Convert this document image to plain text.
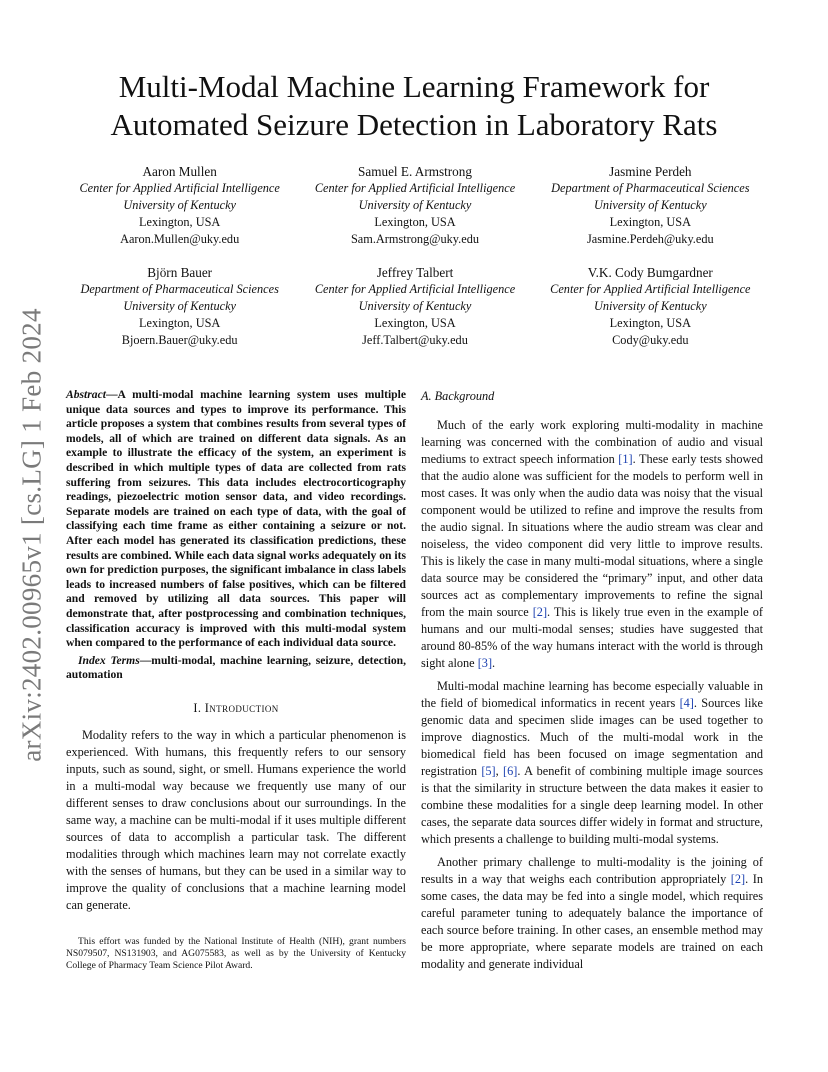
arXiv:2402.00965v1 [cs.LG] 1 Feb 2024
Multi-Modal Machine Learning Framework for
Automated Seizure Detection in Laboratory Rats
Aaron Mullen
Center for Applied Artificial Intelligence
University of Kentucky
Lexington, USA
Aaron.Mullen@uky.edu
Samuel E. Armstrong
Center for Applied Artificial Intelligence
University of Kentucky
Lexington, USA
Sam.Armstrong@uky.edu
Jasmine Perdeh
Department of Pharmaceutical Sciences
University of Kentucky
Lexington, USA
Jasmine.Perdeh@uky.edu
Björn Bauer
Department of Pharmaceutical Sciences
University of Kentucky
Lexington, USA
Bjoern.Bauer@uky.edu
Jeffrey Talbert
Center for Applied Artificial Intelligence
University of Kentucky
Lexington, USA
Jeff.Talbert@uky.edu
V.K. Cody Bumgardner
Center for Applied Artificial Intelligence
University of Kentucky
Lexington, USA
Cody@uky.edu

Abstract—A multi-modal machine learning system uses multiple unique data sources and types to improve its performance. This article proposes a system that combines results from several types of models, all of which are trained on different data signals. As an example to illustrate the efficacy of the system, an experiment is described in which multiple types of data are collected from rats suffering from seizures. This data includes electrocorticography readings, piezoelectric motion sensor data, and video recordings. Separate models are trained on each type of data, with the goal of classifying each time frame as either containing a seizure or not. After each model has generated its classification predictions, these results are combined. While each data signal works adequately on its own for prediction purposes, the significant imbalance in class labels leads to increased numbers of false positives, which can be filtered and removed by utilizing all data sources. This paper will demonstrate that, after postprocessing and combination techniques, classification accuracy is improved with this multi-modal system when compared to the performance of each individual data source.

Index Terms—multi-modal, machine learning, seizure, detection, automation

I. Introduction

Modality refers to the way in which a particular phenomenon is experienced. With humans, this frequently refers to our sensory inputs, such as sound, sight, or smell. Humans experience the world in a multi-modal way because we frequently use many of our different senses to draw conclusions about our surroundings. In the same way, a machine can be multi-modal if it uses multiple different sources of data to accomplish a particular task. The different modalities through which machines learn may not correlate exactly with the senses of humans, but they can be used in a similar way to improve the quality of conclusions that a machine learning model can generate.

This effort was funded by the National Institute of Health (NIH), grant numbers NS079507, NS131903, and AG075583, as well as by the University of Kentucky College of Pharmacy Team Science Pilot Award.
A. Background

Much of the early work exploring multi-modality in machine learning was concerned with the combination of audio and visual mediums to extract speech information [1]. These early tests showed that the audio alone was sufficient for the models to perform well in most cases. It was only when the audio data was noisy that the visual component would be utilized to refine and improve the results from the audio signal. In situations where the audio stream was clear and noiseless, the video component did very little to improve results. This is likely the case in many multi-modal situations, where a single data source may be considered the “primary” input, and other data sources act as complementary improvements to refine the signal from the main source [2]. This is likely true even in the example of humans and our multi-modal senses; studies have suggested that around 80-85% of the way humans interact with the world is through sight alone [3].

Multi-modal machine learning has become especially valuable in the field of biomedical informatics in recent years [4]. Sources like genomic data and specimen slide images can be used together to improve diagnostics. Much of the multi-modal work in the biomedical field has been focused on image segmentation and registration [5], [6]. A benefit of combining multiple image sources is that the similarity in structure between the data makes it easier to combine these modalities for a single deep learning model. In other cases, the separate data sources differ widely in format and structure, which presents a challenge to building multi-modal systems.

Another primary challenge to multi-modality is the joining of results in a way that weighs each contribution appropriately [2]. In some cases, the data may be fed into a single model, which requires careful parameter tuning to adequately balance the importance of each source before training. In other cases, an ensemble method may be more appropriate, where separate models are trained on each modality and generate individual
